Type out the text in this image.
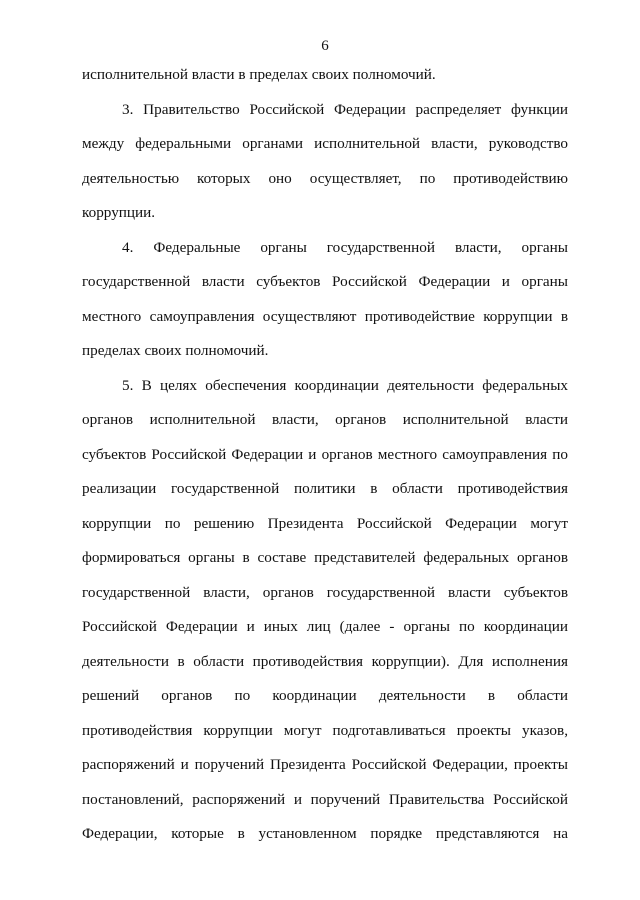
6
исполнительной власти в пределах своих полномочий.
3. Правительство Российской Федерации распределяет функции
между федеральными органами исполнительной власти, руководство
деятельностью которых оно осуществляет, по противодействию
коррупции.
4. Федеральные органы государственной власти, органы
государственной власти субъектов Российской Федерации и органы
местного самоуправления осуществляют противодействие коррупции в
пределах своих полномочий.
5. В целях обеспечения координации деятельности федеральных
органов исполнительной власти, органов исполнительной власти
субъектов Российской Федерации и органов местного самоуправления по
реализации государственной политики в области противодействия
коррупции по решению Президента Российской Федерации могут
формироваться органы в составе представителей федеральных органов
государственной власти, органов государственной власти субъектов
Российской Федерации и иных лиц (далее - органы по координации
деятельности в области противодействия коррупции). Для исполнения
решений органов по координации деятельности в области
противодействия коррупции могут подготавливаться проекты указов,
распоряжений и поручений Президента Российской Федерации, проекты
постановлений, распоряжений и поручений Правительства Российской
Федерации, которые в установленном порядке представляются на
